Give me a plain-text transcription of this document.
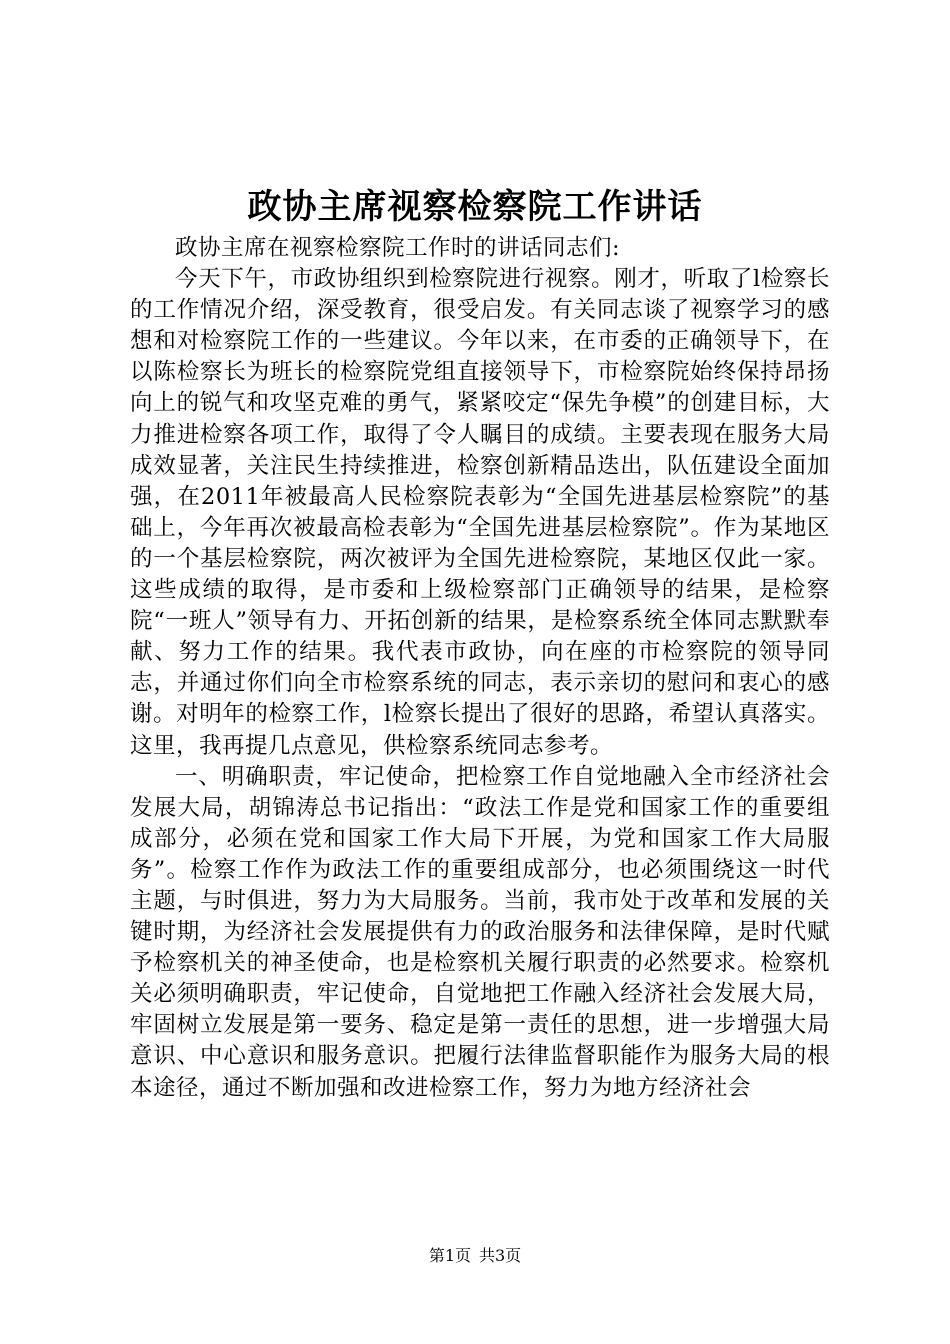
政协主席视察检察院工作讲话

政协主席在视察检察院工作时的讲话同志们:

今天下午，市政协组织到检察院进行视察。刚才，听取了l检察长的工作情况介绍，深受教育，很受启发。有关同志谈了视察学习的感想和对检察院工作的一些建议。今年以来，在市委的正确领导下，在以陈检察长为班长的检察院党组直接领导下，市检察院始终保持昂扬向上的锐气和攻坚克难的勇气，紧紧咬定“保先争模”的创建目标，大力推进检察各项工作，取得了令人瞩目的成绩。主要表现在服务大局成效显著，关注民生持续推进，检察创新精品迭出，队伍建设全面加强，在2011年被最高人民检察院表彰为“全国先进基层检察院”的基础上，今年再次被最高检表彰为“全国先进基层检察院”。作为某地区的一个基层检察院，两次被评为全国先进检察院，某地区仅此一家。这些成绩的取得，是市委和上级检察部门正确领导的结果，是检察院“一班人”领导有力、开拓创新的结果，是检察系统全体同志默默奉献、努力工作的结果。我代表市政协，向在座的市检察院的领导同志，并通过你们向全市检察系统的同志，表示亲切的慰问和衷心的感谢。对明年的检察工作，l检察长提出了很好的思路，希望认真落实。这里，我再提几点意见，供检察系统同志参考。

一、明确职责，牢记使命，把检察工作自觉地融入全市经济社会发展大局，胡锦涛总书记指出：“政法工作是党和国家工作的重要组成部分，必须在党和国家工作大局下开展，为党和国家工作大局服务”。检察工作作为政法工作的重要组成部分，也必须围绕这一时代主题，与时俱进，努力为大局服务。当前，我市处于改革和发展的关键时期，为经济社会发展提供有力的政治服务和法律保障，是时代赋予检察机关的神圣使命，也是检察机关履行职责的必然要求。检察机关必须明确职责，牢记使命，自觉地把工作融入经济社会发展大局，牢固树立发展是第一要务、稳定是第一责任的思想，进一步增强大局意识、中心意识和服务意识。把履行法律监督职能作为服务大局的根本途径，通过不断加强和改进检察工作，努力为地方经济社会

第1页 共3页
